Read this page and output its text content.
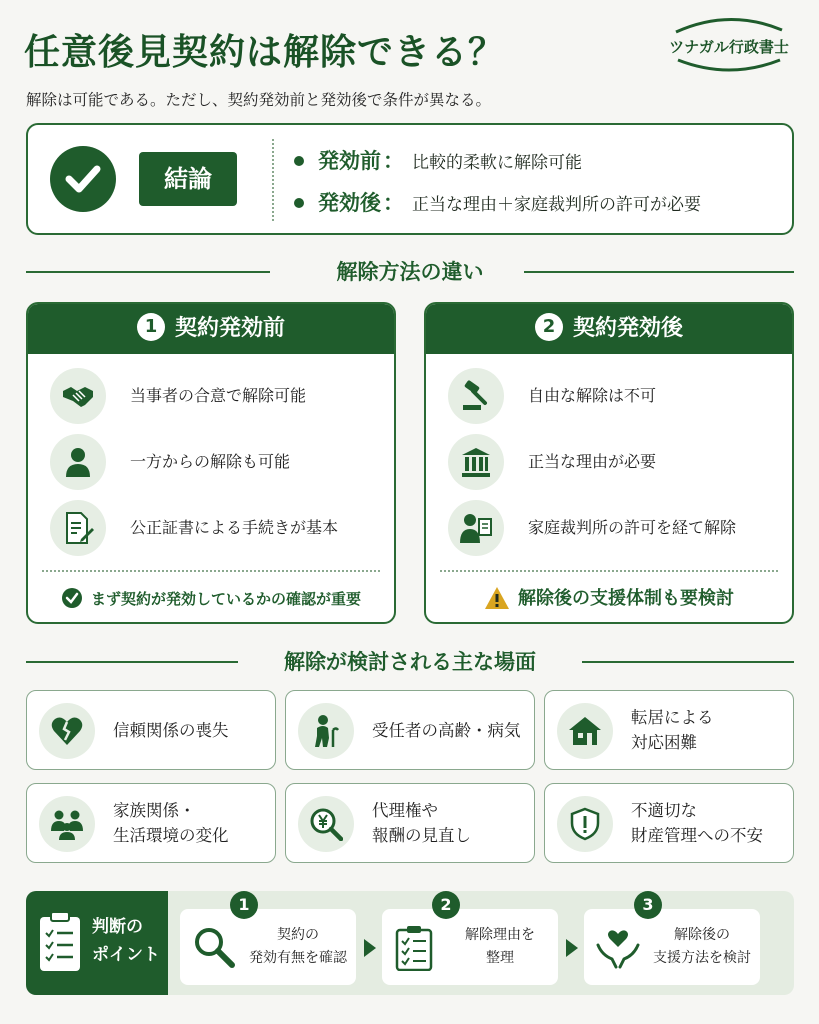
任意後見契約は解除できる？
解除は可能である。ただし、契約発効前と発効後で条件が異なる。
ツナガル行政書士
結論
発効前： 比較的柔軟に解除可能
発効後： 正当な理由＋家庭裁判所の許可が必要
解除方法の違い
1 契約発効前
当事者の合意で解除可能
一方からの解除も可能
公正証書による手続きが基本
まず契約が発効しているかの確認が重要
2 契約発効後
自由な解除は不可
正当な理由が必要
家庭裁判所の許可を経て解除
解除後の支援体制も要検討
解除が検討される主な場面
信頼関係の喪失	受任者の高齢・病気
転居による
対応困難
家族関係・
生活環境の変化
代理権や
報酬の見直し
不適切な
財産管理への不安
判断の
ポイント
1
契約の
発効有無を確認
2
解除理由を
整理
3
解除後の
支援方法を検討
